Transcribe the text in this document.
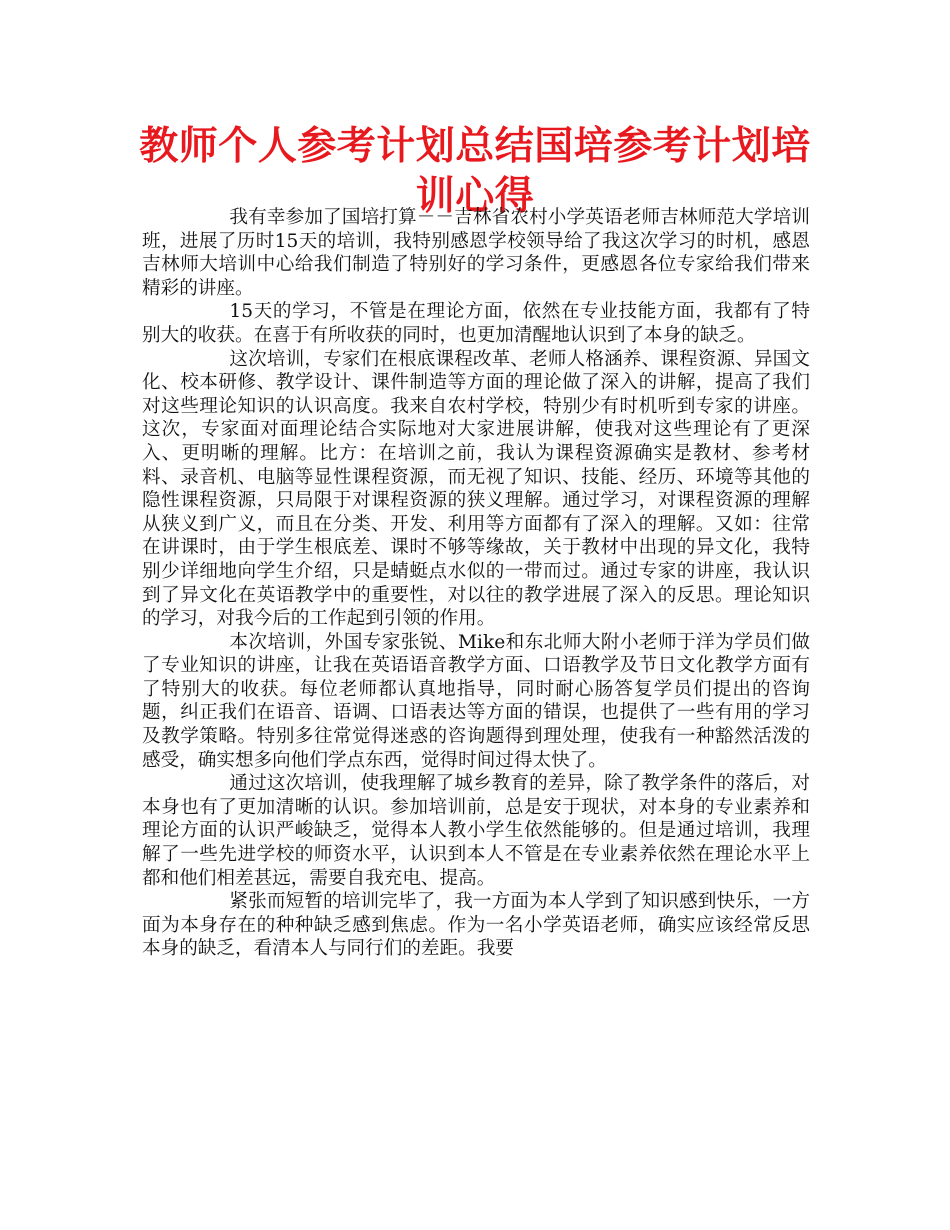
教师个人参考计划总结国培参考计划培训心得

我有幸参加了国培打算－－吉林省农村小学英语老师吉林师范大学培训班，进展了历时15天的培训，我特别感恩学校领导给了我这次学习的时机，感恩吉林师大培训中心给我们制造了特别好的学习条件，更感恩各位专家给我们带来精彩的讲座。

15天的学习，不管是在理论方面，依然在专业技能方面，我都有了特别大的收获。在喜于有所收获的同时，也更加清醒地认识到了本身的缺乏。

这次培训，专家们在根底课程改革、老师人格涵养、课程资源、异国文化、校本研修、教学设计、课件制造等方面的理论做了深入的讲解，提高了我们对这些理论知识的认识高度。我来自农村学校，特别少有时机听到专家的讲座。这次，专家面对面理论结合实际地对大家进展讲解，使我对这些理论有了更深入、更明晰的理解。比方：在培训之前，我认为课程资源确实是教材、参考材料、录音机、电脑等显性课程资源，而无视了知识、技能、经历、环境等其他的隐性课程资源，只局限于对课程资源的狭义理解。通过学习，对课程资源的理解从狭义到广义，而且在分类、开发、利用等方面都有了深入的理解。又如：往常在讲课时，由于学生根底差、课时不够等缘故，关于教材中出现的异文化，我特别少详细地向学生介绍，只是蜻蜓点水似的一带而过。通过专家的讲座，我认识到了异文化在英语教学中的重要性，对以往的教学进展了深入的反思。理论知识的学习，对我今后的工作起到引领的作用。

本次培训，外国专家张锐、Mike和东北师大附小老师于洋为学员们做了专业知识的讲座，让我在英语语音教学方面、口语教学及节日文化教学方面有了特别大的收获。每位老师都认真地指导，同时耐心肠答复学员们提出的咨询题，纠正我们在语音、语调、口语表达等方面的错误，也提供了一些有用的学习及教学策略。特别多往常觉得迷惑的咨询题得到理处理，使我有一种豁然活泼的感受，确实想多向他们学点东西，觉得时间过得太快了。

通过这次培训，使我理解了城乡教育的差异，除了教学条件的落后，对本身也有了更加清晰的认识。参加培训前，总是安于现状，对本身的专业素养和理论方面的认识严峻缺乏，觉得本人教小学生依然能够的。但是通过培训，我理解了一些先进学校的师资水平，认识到本人不管是在专业素养依然在理论水平上都和他们相差甚远，需要自我充电、提高。

紧张而短暂的培训完毕了，我一方面为本人学到了知识感到快乐，一方面为本身存在的种种缺乏感到焦虑。作为一名小学英语老师，确实应该经常反思本身的缺乏，看清本人与同行们的差距。我要
